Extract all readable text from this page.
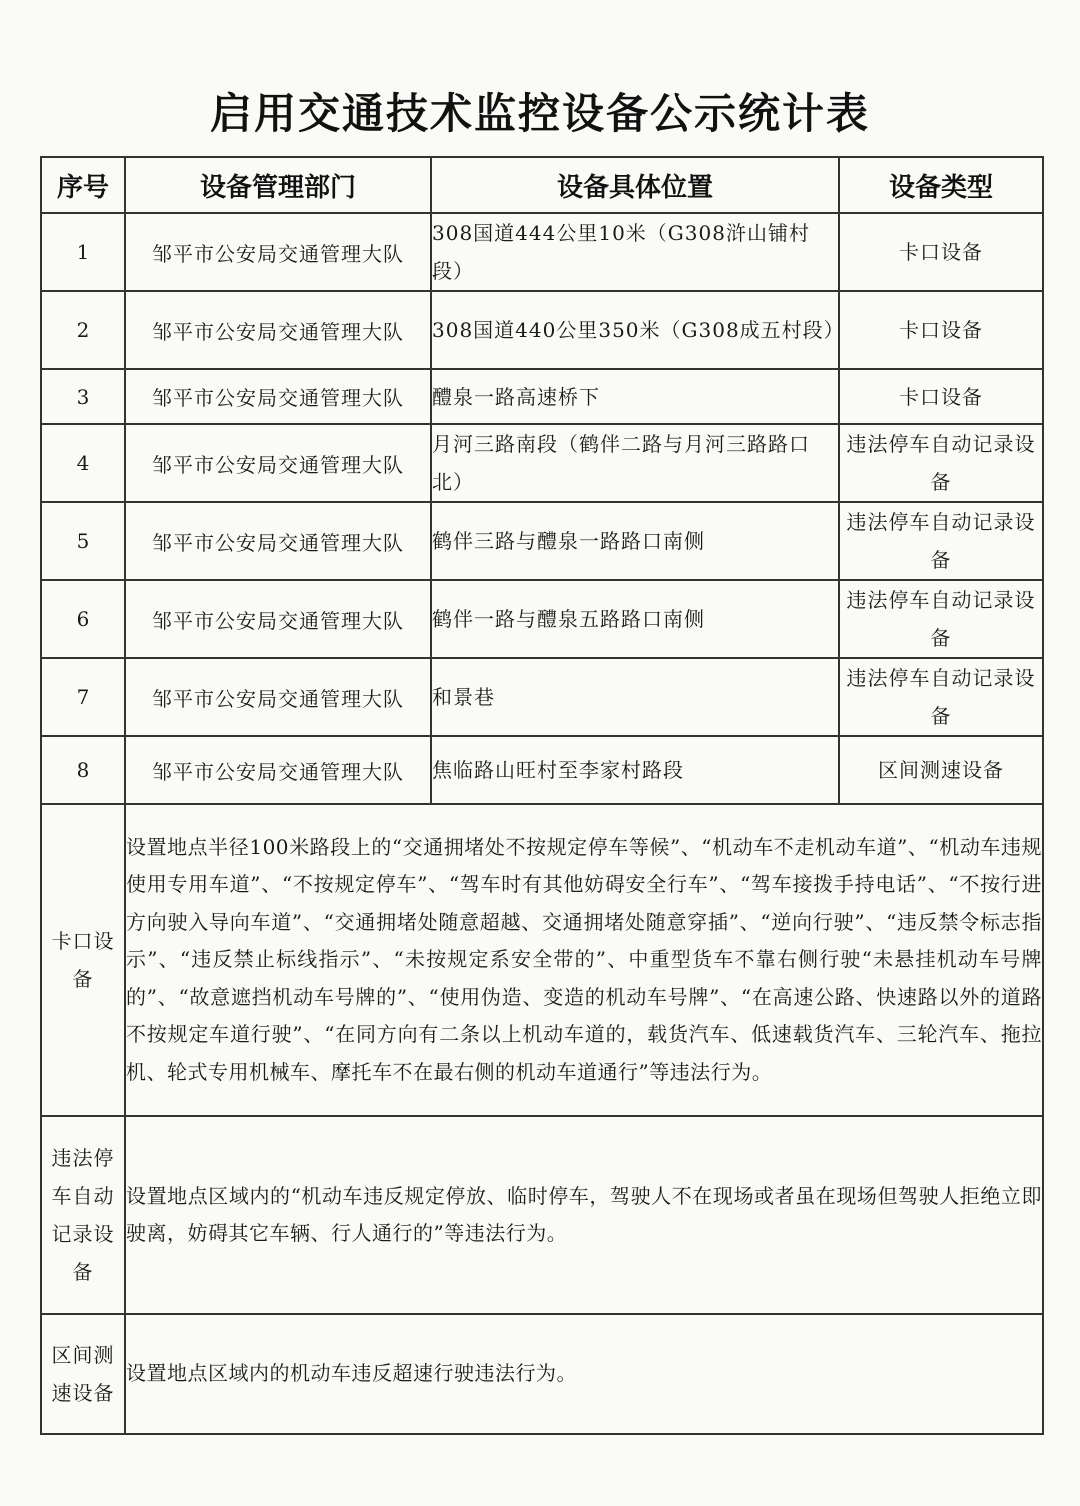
启用交通技术监控设备公示统计表
序号	设备管理部门	设备具体位置	设备类型
1	邹平市公安局交通管理大队	308国道444公里10米（G308浒山铺村段）	卡口设备
2	邹平市公安局交通管理大队	308国道440公里350米（G308成五村段）	卡口设备
3	邹平市公安局交通管理大队	醴泉一路高速桥下	卡口设备
4	邹平市公安局交通管理大队	月河三路南段（鹤伴二路与月河三路路口北）	违法停车自动记录设备
5	邹平市公安局交通管理大队	鹤伴三路与醴泉一路路口南侧	违法停车自动记录设备
6	邹平市公安局交通管理大队	鹤伴一路与醴泉五路路口南侧	违法停车自动记录设备
7	邹平市公安局交通管理大队	和景巷	违法停车自动记录设备
8	邹平市公安局交通管理大队	焦临路山旺村至李家村路段	区间测速设备
卡口设备	设置地点半径100米路段上的“交通拥堵处不按规定停车等候”、“机动车不走机动车道”、“机动车违规使用专用车道”、“不按规定停车”、“驾车时有其他妨碍安全行车”、“驾车接拨手持电话”、“不按行进方向驶入导向车道”、“交通拥堵处随意超越、交通拥堵处随意穿插”、“逆向行驶”、“违反禁令标志指示”、“违反禁止标线指示”、“未按规定系安全带的”、中重型货车不靠右侧行驶“未悬挂机动车号牌的”、“故意遮挡机动车号牌的”、“使用伪造、变造的机动车号牌”、“在高速公路、快速路以外的道路不按规定车道行驶”、“在同方向有二条以上机动车道的，载货汽车、低速载货汽车、三轮汽车、拖拉机、轮式专用机械车、摩托车不在最右侧的机动车道通行”等违法行为。		
违法停车自动记录设备	设置地点区域内的“机动车违反规定停放、临时停车，驾驶人不在现场或者虽在现场但驾驶人拒绝立即驶离，妨碍其它车辆、行人通行的”等违法行为。		
区间测速设备	设置地点区域内的机动车违反超速行驶违法行为。		
